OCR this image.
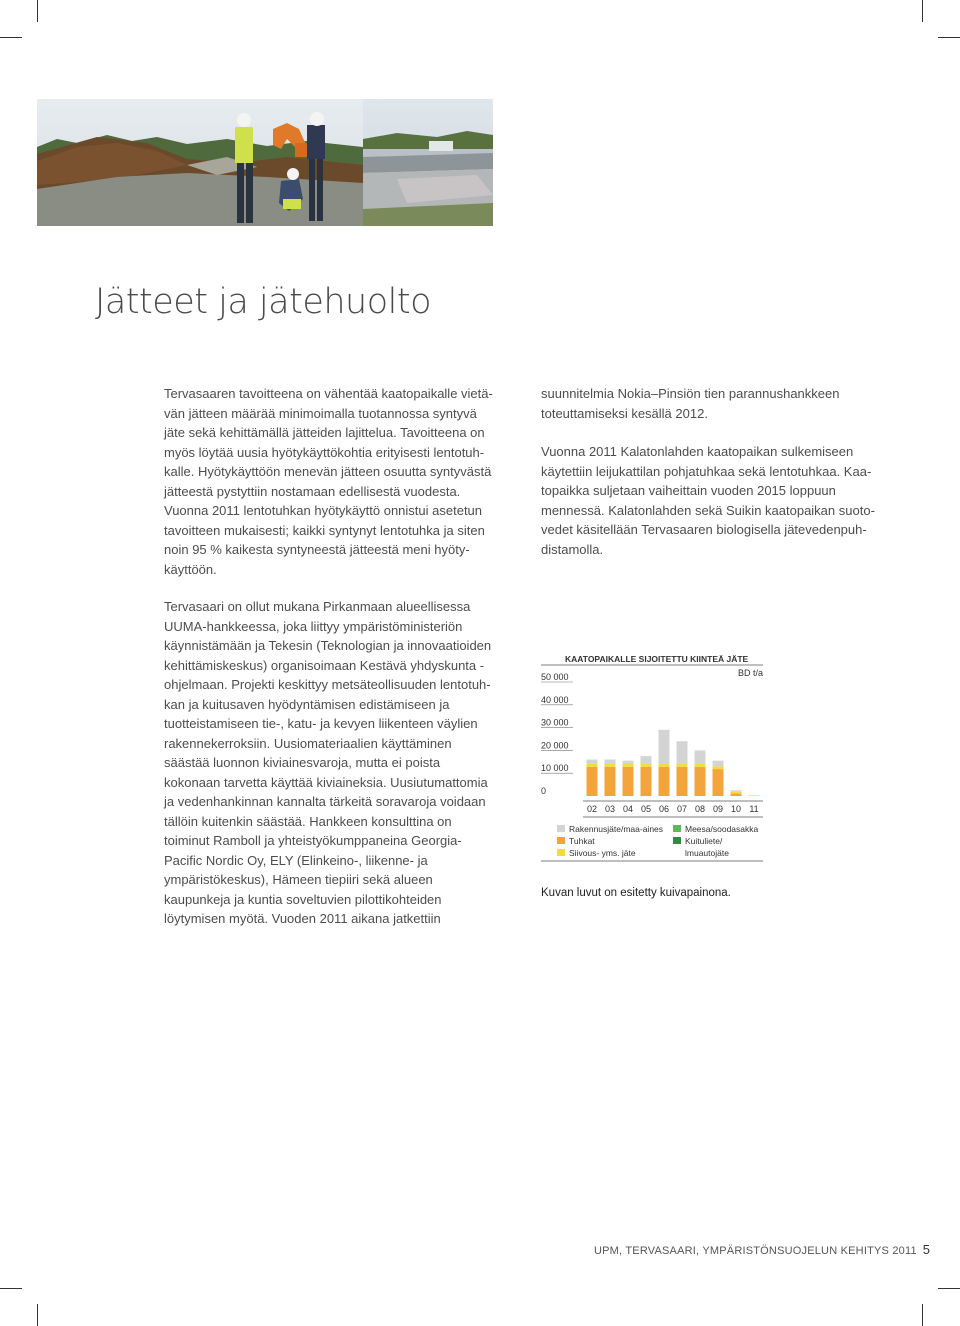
Jätteet ja jätehuolto

Tervasaaren tavoitteena on vähentää kaatopaikalle vietävän jätteen määrää minimoimalla tuotannossa syntyvä jäte sekä kehittämällä jätteiden lajittelua. Tavoitteena on myös löytää uusia hyötykäyttökohtia erityisesti lentotuhkalle. Hyötykäyttöön menevän jätteen osuutta syntyvästä jätteestä pystyttiin nostamaan edellisestä vuodesta. Vuonna 2011 lentotuhkan hyötykäyttö onnistui asetetun tavoitteen mukaisesti; kaikki syntynyt lentotuhka ja siten noin 95 % kaikesta syntyneestä jätteestä meni hyötykäyttöön.

Tervasaari on ollut mukana Pirkanmaan alueellisessa UUMA-hankkeessa, joka liittyy ympäristöministeriön käynnistämään ja Tekesin (Teknologian ja innovaatioiden kehittämiskeskus) organisoimaan Kestävä yhdyskunta -ohjelmaan. Projekti keskittyy metsäteollisuuden lentotuhkan ja kuitusaven hyödyntämisen edistämiseen ja tuotteistamiseen tie-, katu- ja kevyen liikenteen väylien rakennekerroksiin. Uusiomateriaalien käyttäminen säästää luonnon kiviainesvaroja, mutta ei poista kokonaan tarvetta käyttää kiviaineksia. Uusiutumattomia ja vedenhankinnan kannalta tärkeitä soravaroja voidaan tällöin kuitenkin säästää. Hankkeen konsulttina on toiminut Ramboll ja yhteistyökumppaneina Georgia-Pacific Nordic Oy, ELY (Elinkeino-, liikenne- ja ympäristökeskus), Hämeen tiepiiri sekä alueen kaupunkeja ja kuntia soveltuvien pilottikohteiden löytymisen myötä. Vuoden 2011 aikana jatkettiin

suunnitelmia Nokia–Pinsiön tien parannushankkeen toteuttamiseksi kesällä 2012.

Vuonna 2011 Kalatonlahden kaatopaikan sulkemiseen käytettiin leijukattilan pohjatuhkaa sekä lentotuhkaa. Kaatopaikka suljetaan vaiheittain vuoden 2015 loppuun mennessä. Kalatonlahden sekä Suikin kaatopaikan suotovedet käsitellään Tervasaaren biologisella jätevedenpuhdistamolla.

KAATOPAIKALLE SIJOITETTU KIINTEÄ JÄTE
BD t/a
0
10 000
20 000
30 000
40 000
50 000
02 03 04 05 06 07 08 09 10 11
Rakennusjäte/maa-aines
Tuhkat
Siivous- yms. jäte
Meesa/soodasakka
Kuituliete/
lmuautojäte

Kuvan luvut on esitetty kuivapainona.

UPM, TERVASAARI, YMPÄRISTÖNSUOJELUN KEHITYS 2011 5
